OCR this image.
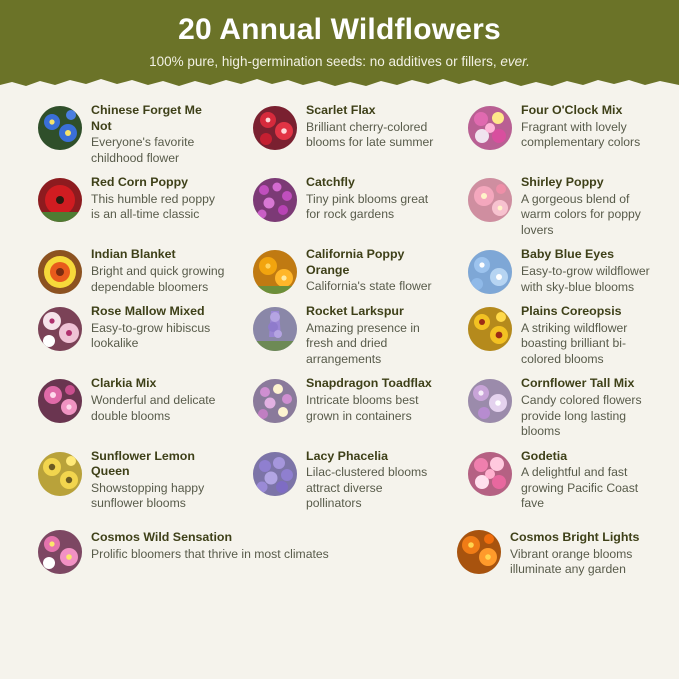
20 Annual Wildflowers

100% pure, high-germination seeds: no additives or fillers, ever.

Chinese Forget Me Not

Everyone's favorite childhood flower

Scarlet Flax

Brilliant cherry-colored blooms for late summer

Four O'Clock Mix

Fragrant with lovely complementary colors

Red Corn Poppy

This humble red poppy is an all-time classic

Catchfly

Tiny pink blooms great for rock gardens

Shirley Poppy

A gorgeous blend of warm colors for poppy lovers

Indian Blanket

Bright and quick growing dependable bloomers

California Poppy Orange

California's state flower

Baby Blue Eyes

Easy-to-grow wildflower with sky-blue blooms

Rose Mallow Mixed

Easy-to-grow hibiscus lookalike

Rocket Larkspur

Amazing presence in fresh and dried arrangements

Plains Coreopsis

A striking wildflower boasting brilliant bi-colored blooms

Clarkia Mix

Wonderful and delicate double blooms

Snapdragon Toadflax

Intricate blooms best grown in containers

Cornflower Tall Mix

Candy colored flowers provide long lasting blooms

Sunflower Lemon Queen

Showstopping happy sunflower blooms

Lacy Phacelia

Lilac-clustered blooms attract diverse pollinators

Godetia

A delightful and fast growing Pacific Coast fave

Cosmos Wild Sensation

Prolific bloomers that thrive in most climates

Cosmos Bright Lights

Vibrant orange blooms illuminate any garden
